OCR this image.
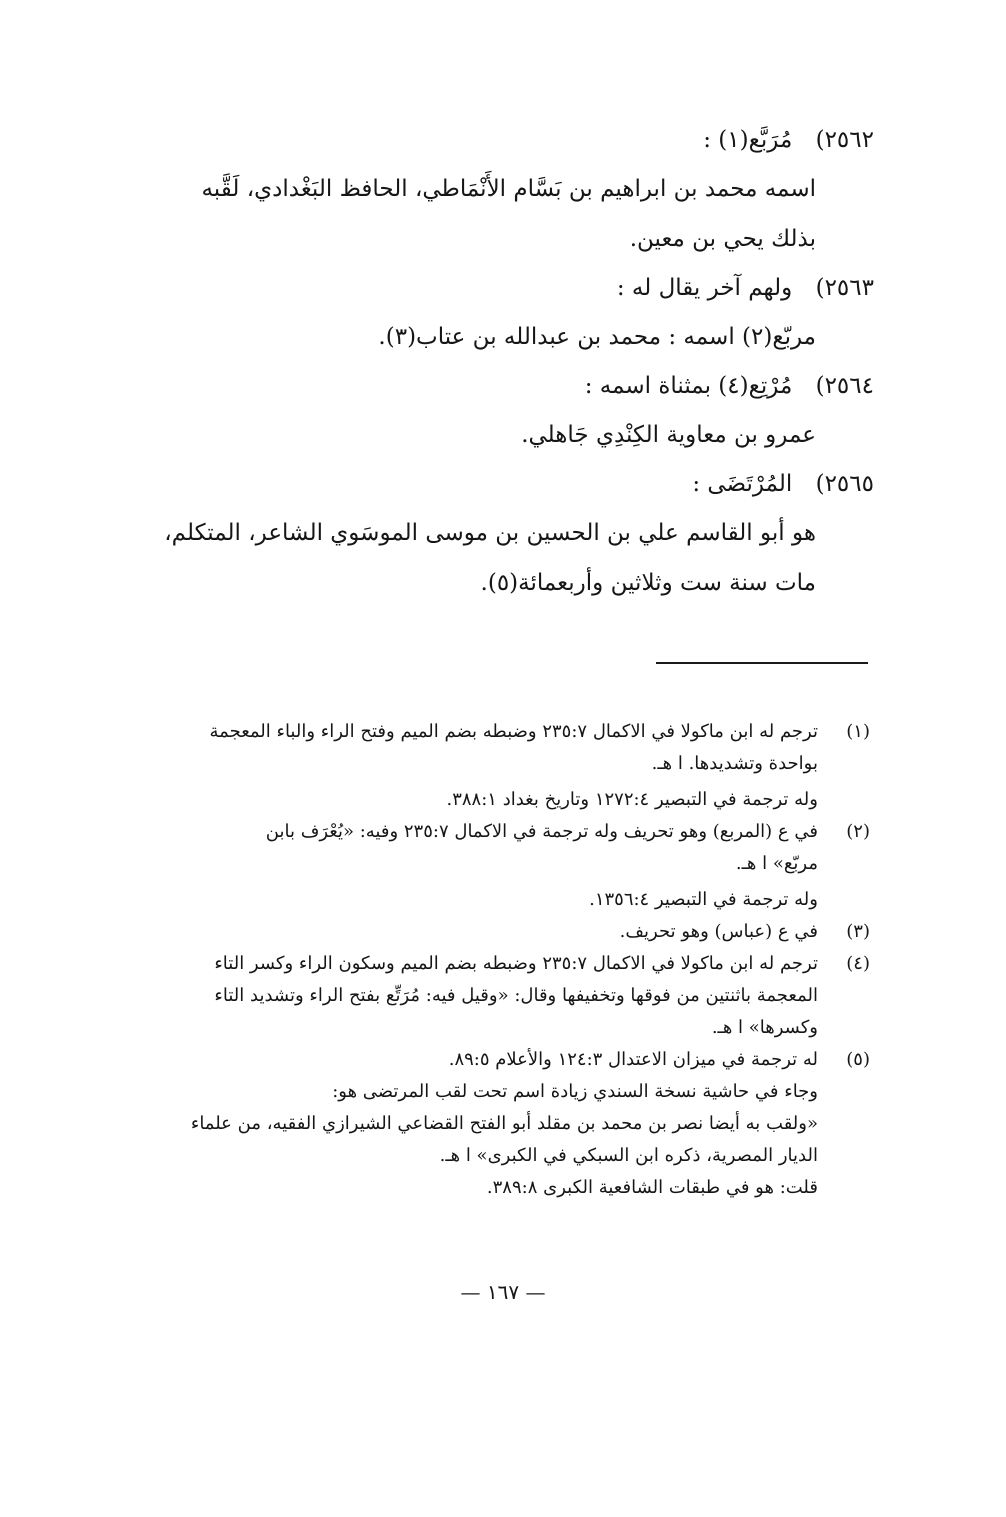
٢٥٦٢) مُرَبَّع(١) :
اسمه محمد بن ابراهيم بن بَسَّام الأَنْمَاطي، الحافظ البَغْدادي، لَقَّبه
بذلك يحي بن معين.
٢٥٦٣) ولهم آخر يقال له :
مربّع(٢) اسمه : محمد بن عبدالله بن عتاب(٣).
٢٥٦٤) مُرْتِع(٤) بمثناة اسمه :
عمرو بن معاوية الكِنْدِي جَاهلي.
٢٥٦٥) المُرْتَضَى :
هو أبو القاسم علي بن الحسين بن موسى الموسَوي الشاعر، المتكلم،
مات سنة ست وثلاثين وأربعمائة(٥).
(١)
ترجم له ابن ماكولا في الاكمال ٢٣٥:٧ وضبطه بضم الميم وفتح الراء والباء المعجمة
بواحدة وتشديدها. ا هـ.
وله ترجمة في التبصير ١٢٧٢:٤ وتاريخ بغداد ٣٨٨:١.
(٢)
في ع (المربع) وهو تحريف وله ترجمة في الاكمال ٢٣٥:٧ وفيه: «يُعْرَف بابن
مربّع» ا هـ.
وله ترجمة في التبصير ١٣٥٦:٤.
(٣)
في ع (عباس) وهو تحريف.
(٤)
ترجم له ابن ماكولا في الاكمال ٢٣٥:٧ وضبطه بضم الميم وسكون الراء وكسر التاء
المعجمة باثنتين من فوقها وتخفيفها وقال: «وقيل فيه: مُرَتِّع بفتح الراء وتشديد التاء
وكسرها» ا هـ.
(٥)
له ترجمة في ميزان الاعتدال ١٢٤:٣ والأعلام ٨٩:٥.
وجاء في حاشية نسخة السندي زيادة اسم تحت لقب المرتضى هو:
«ولقب به أيضا نصر بن محمد بن مقلد أبو الفتح القضاعي الشيرازي الفقيه، من علماء
الديار المصرية، ذكره ابن السبكي في الكبرى» ا هـ.
قلت: هو في طبقات الشافعية الكبرى ٣٨٩:٨.
— ١٦٧ —
